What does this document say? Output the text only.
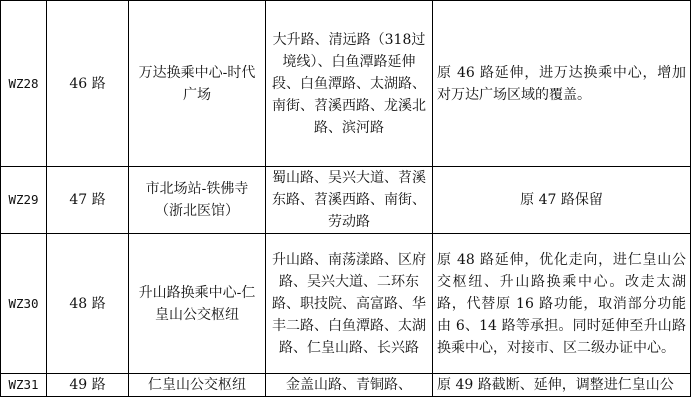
WZ28	46 路	万达换乘中心-时代广场	大升路、清远路（318过境线）、白鱼潭路延伸段、白鱼潭路、太湖路、南街、苕溪西路、龙溪北路、滨河路	原 46 路延伸，进万达换乘中心，增加对万达广场区域的覆盖。
WZ29	47 路	市北场站-铁佛寺（浙北医馆）	蜀山路、吴兴大道、苕溪东路、苕溪西路、南街、劳动路	原 47 路保留
WZ30	48 路	升山路换乘中心-仁皇山公交枢纽	升山路、南荡漾路、区府路、吴兴大道、二环东路、职技院、高富路、华丰二路、白鱼潭路、太湖路、仁皇山路、长兴路	原 48 路延伸，优化走向，进仁皇山公交枢纽、升山路换乘中心。改走太湖路，代替原 16 路功能，取消部分功能由 6、14 路等承担。同时延伸至升山路换乘中心，对接市、区二级办证中心。
WZ31	49 路	仁皇山公交枢纽	金盖山路、青铜路、	原 49 路截断、延伸，调整进仁皇山公
